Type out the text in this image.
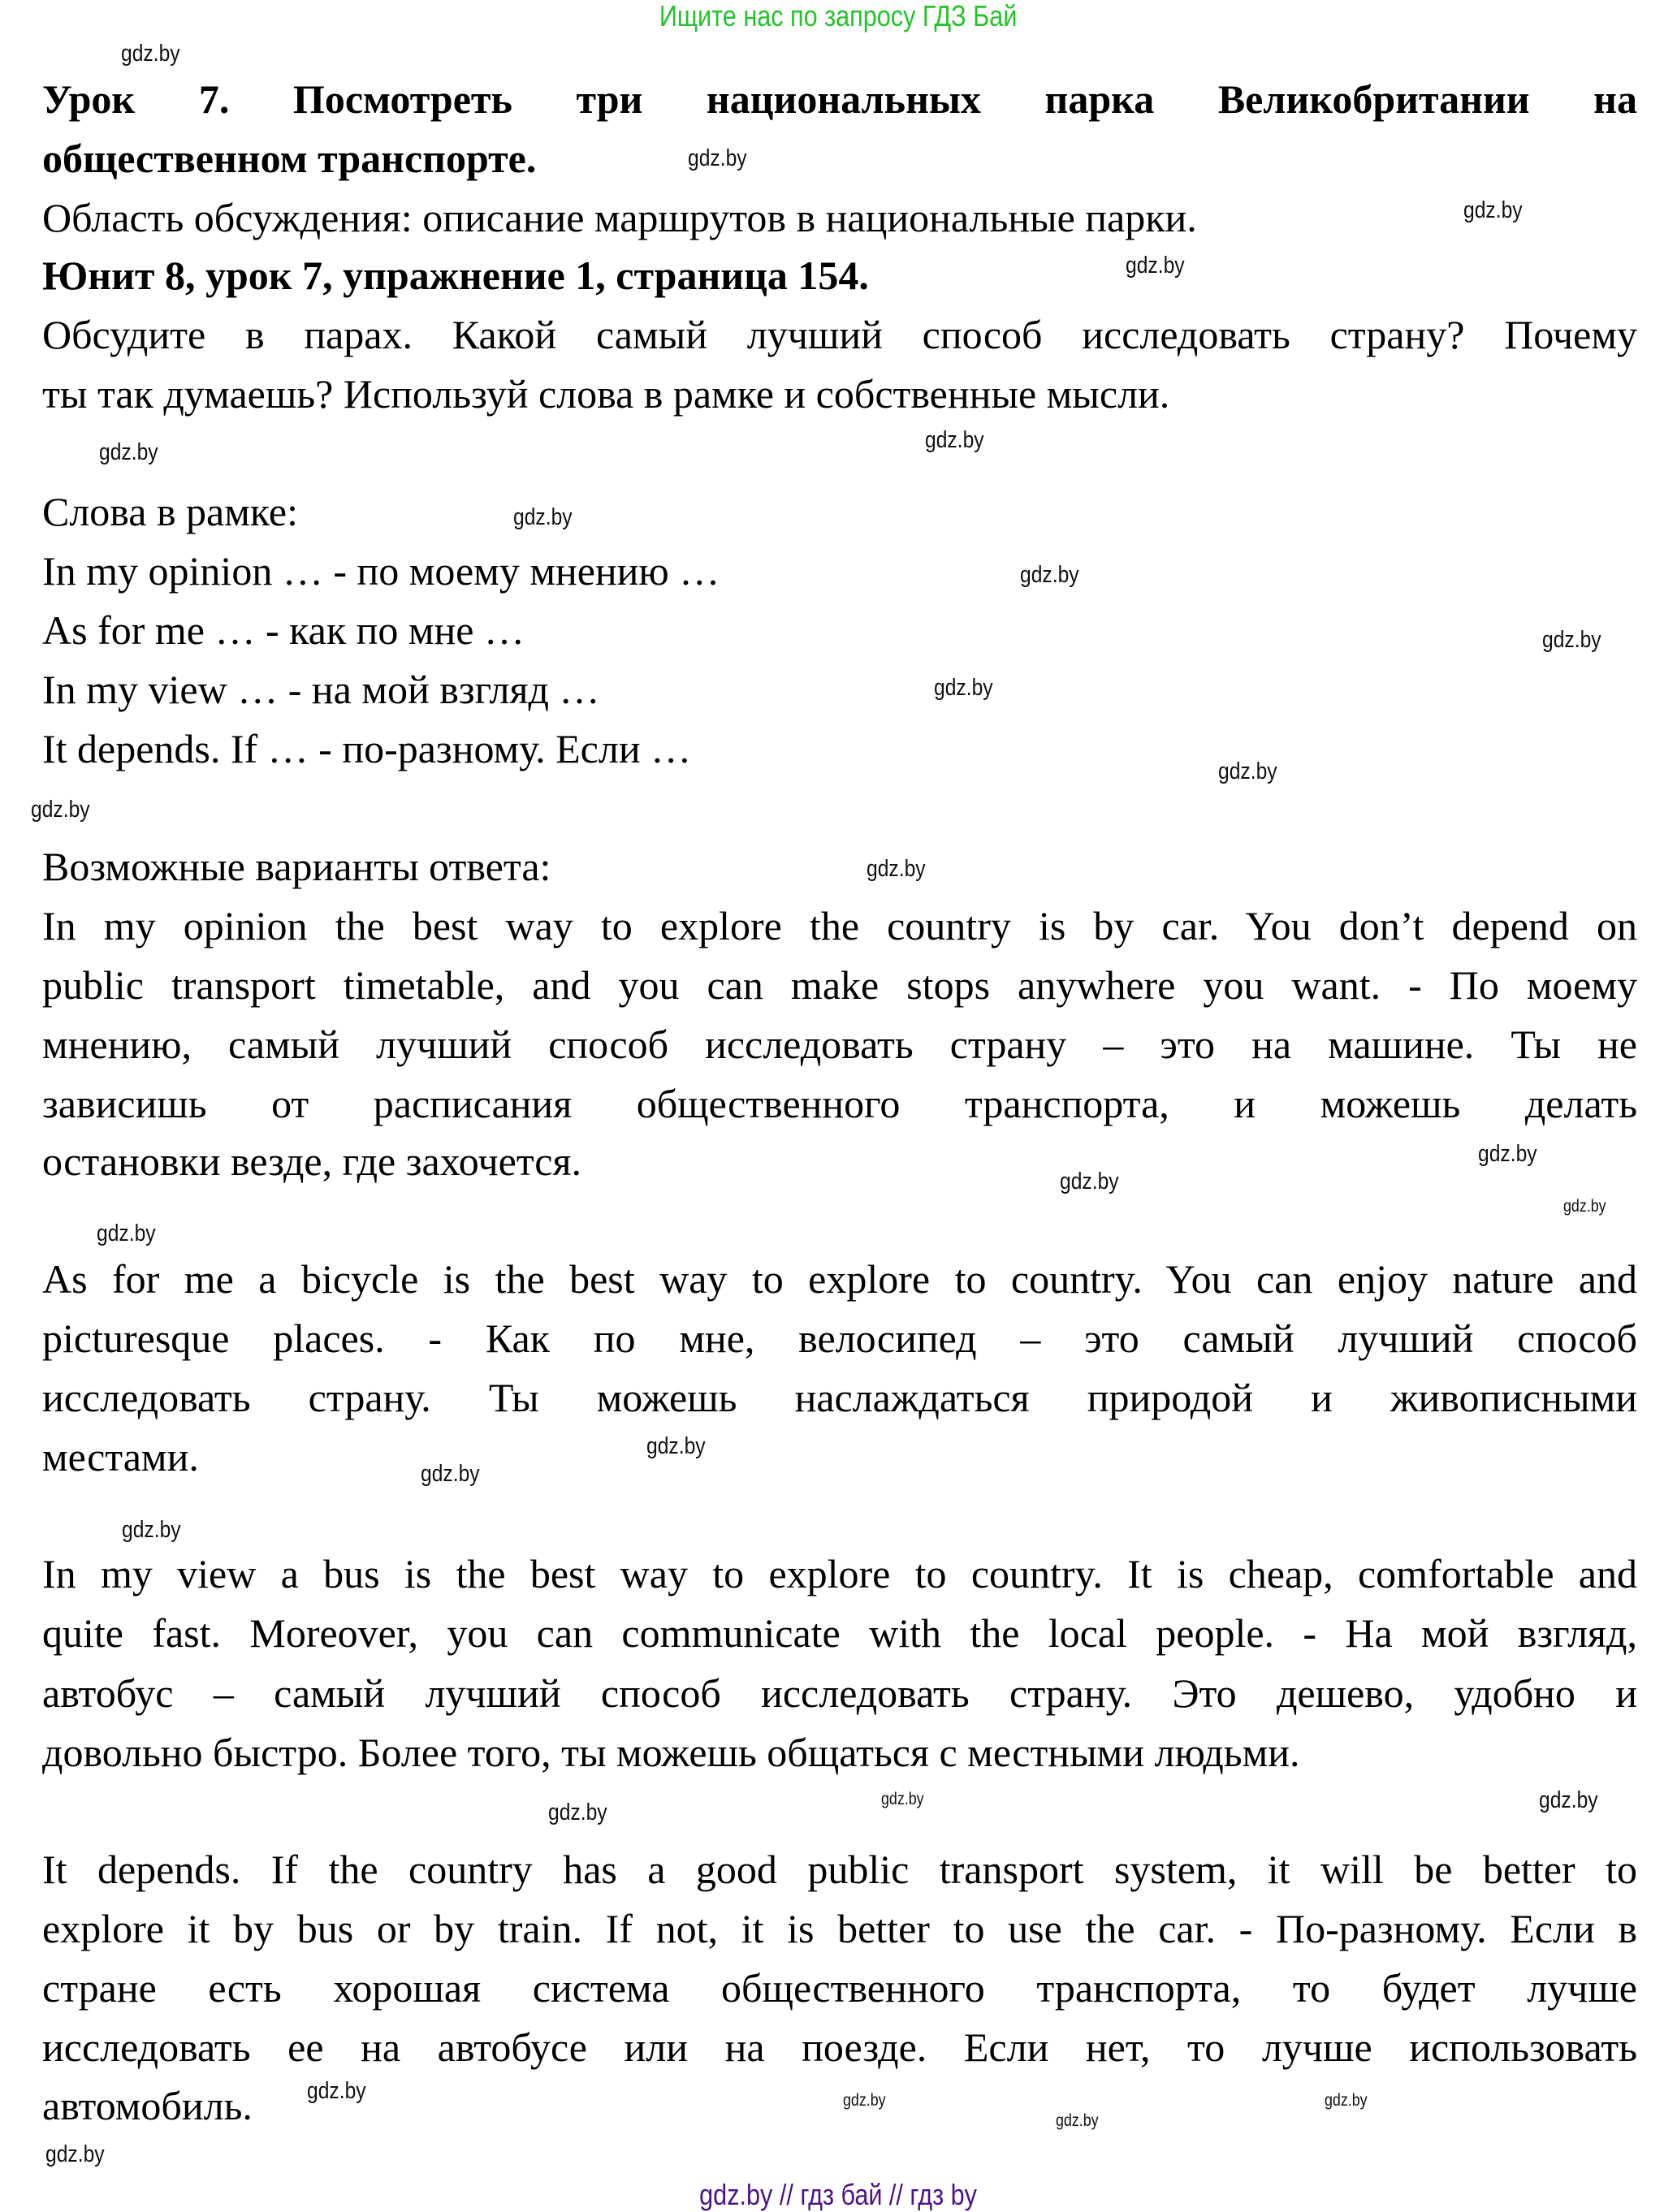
Ищите нас по запросу ГДЗ Бай
Урок 7. Посмотреть три национальных парка Великобритании на
общественном транспорте.
Область обсуждения: описание маршрутов в национальные парки.
Юнит 8, урок 7, упражнение 1, страница 154.
Обсудите в парах. Какой самый лучший способ исследовать страну? Почему
ты так думаешь? Используй слова в рамке и собственные мысли.
Слова в рамке:
In my opinion … - по моему мнению …
As for me … - как по мне …
In my view … - на мой взгляд …
It depends. If … - по-разному. Если …
Возможные варианты ответа:
In my opinion the best way to explore the country is by car. You don’t depend on
public transport timetable, and you can make stops anywhere you want. - По моему
мнению, самый лучший способ исследовать страну – это на машине. Ты не
зависишь от расписания общественного транспорта, и можешь делать
остановки везде, где захочется.
As for me a bicycle is the best way to explore to country. You can enjoy nature and
picturesque places. - Как по мне, велосипед – это самый лучший способ
исследовать страну. Ты можешь наслаждаться природой и живописными
местами.
In my view a bus is the best way to explore to country. It is cheap, comfortable and
quite fast. Moreover, you can communicate with the local people. - На мой взгляд,
автобус – самый лучший способ исследовать страну. Это дешево, удобно и
довольно быстро. Более того, ты можешь общаться с местными людьми.
It depends. If the country has a good public transport system, it will be better to
explore it by bus or by train. If not, it is better to use the car. - По-разному. Если в
стране есть хорошая система общественного транспорта, то будет лучше
исследовать ее на автобусе или на поезде. Если нет, то лучше использовать
автомобиль.
gdz.by
gdz.by
gdz.by
gdz.by
gdz.by
gdz.by
gdz.by
gdz.by
gdz.by
gdz.by
gdz.by
gdz.by
gdz.by
gdz.by
gdz.by
gdz.by
gdz.by
gdz.by
gdz.by
gdz.by
gdz.by	gdz.by
gdz.by
gdz.by
gdz.by
gdz.by
gdz.by
gdz.by
gdz.by // гдз бай // гдз by
